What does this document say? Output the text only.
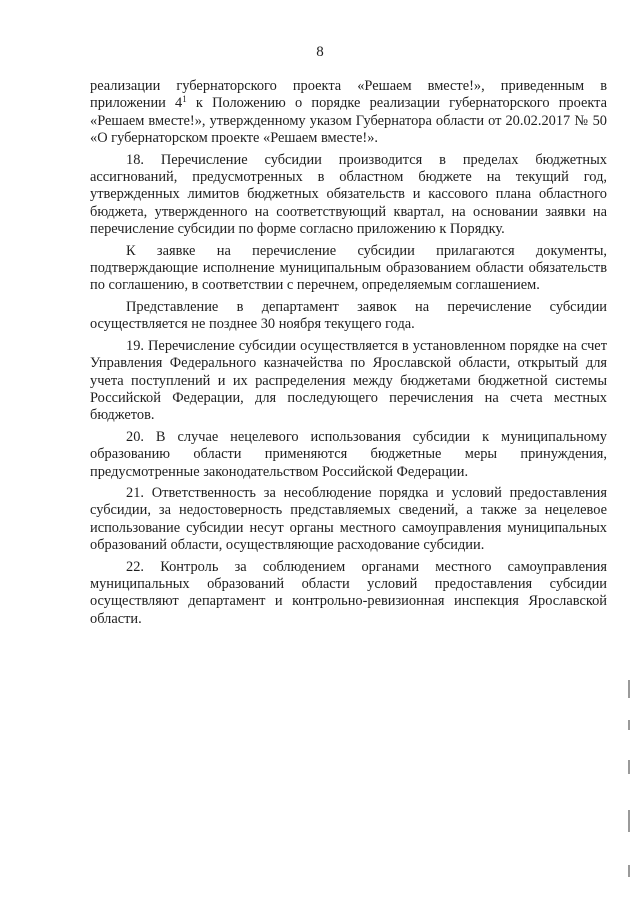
8

реализации губернаторского проекта «Решаем вместе!», приведенным в приложении $4^1$ к Положению о порядке реализации губернаторского проекта «Решаем вместе!», утвержденному указом Губернатора области от 20.02.2017 № 50 «О губернаторском проекте «Решаем вместе!».

18. Перечисление субсидии производится в пределах бюджетных ассигнований, предусмотренных в областном бюджете на текущий год, утвержденных лимитов бюджетных обязательств и кассового плана областного бюджета, утвержденного на соответствующий квартал, на основании заявки на перечисление субсидии по форме согласно приложению к Порядку.

К заявке на перечисление субсидии прилагаются документы, подтверждающие исполнение муниципальным образованием области обязательств по соглашению, в соответствии с перечнем, определяемым соглашением.

Представление в департамент заявок на перечисление субсидии осуществляется не позднее 30 ноября текущего года.

19. Перечисление субсидии осуществляется в установленном порядке на счет Управления Федерального казначейства по Ярославской области, открытый для учета поступлений и их распределения между бюджетами бюджетной системы Российской Федерации, для последующего перечисления на счета местных бюджетов.

20. В случае нецелевого использования субсидии к муниципальному образованию области применяются бюджетные меры принуждения, предусмотренные законодательством Российской Федерации.

21. Ответственность за несоблюдение порядка и условий предоставления субсидии, за недостоверность представляемых сведений, а также за нецелевое использование субсидии несут органы местного самоуправления муниципальных образований области, осуществляющие расходование субсидии.

22. Контроль за соблюдением органами местного самоуправления муниципальных образований области условий предоставления субсидии осуществляют департамент и контрольно-ревизионная инспекция Ярославской области.
